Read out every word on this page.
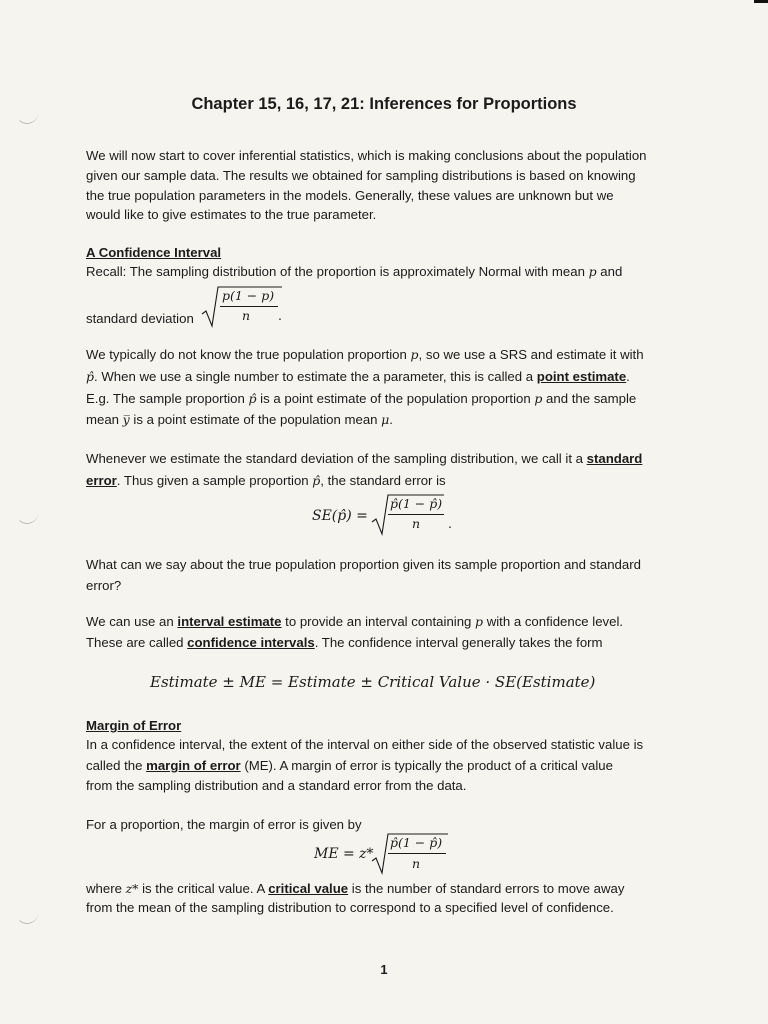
Chapter 15, 16, 17, 21: Inferences for Proportions
We will now start to cover inferential statistics, which is making conclusions about the population
given our sample data. The results we obtained for sampling distributions is based on knowing
the true population parameters in the models. Generally, these values are unknown but we
would like to give estimates to the true parameter.
A Confidence Interval
Recall: The sampling distribution of the proportion is approximately Normal with mean p and
standard deviation
p(1 − p)
n .
We typically do not know the true population proportion p, so we use a SRS and estimate it with
p̂. When we use a single number to estimate the a parameter, this is called a point estimate.
E.g. The sample proportion p̂ is a point estimate of the population proportion p and the sample
mean y̅ is a point estimate of the population mean μ.
Whenever we estimate the standard deviation of the sampling distribution, we call it a standard
error. Thus given a sample proportion p̂, the standard error is
SE(p̂) =
p̂(1 − p̂)
n .
What can we say about the true population proportion given its sample proportion and standard
error?
We can use an interval estimate to provide an interval containing p with a confidence level.
These are called confidence intervals. The confidence interval generally takes the form
Estimate ± ME = Estimate ± Critical Value · SE(Estimate)
Margin of Error
In a confidence interval, the extent of the interval on either side of the observed statistic value is
called the margin of error (ME). A margin of error is typically the product of a critical value
from the sampling distribution and a standard error from the data.
For a proportion, the margin of error is given by
ME = z*
p̂(1 − p̂)
n
where z* is the critical value. A critical value is the number of standard errors to move away
from the mean of the sampling distribution to correspond to a specified level of confidence.
1
